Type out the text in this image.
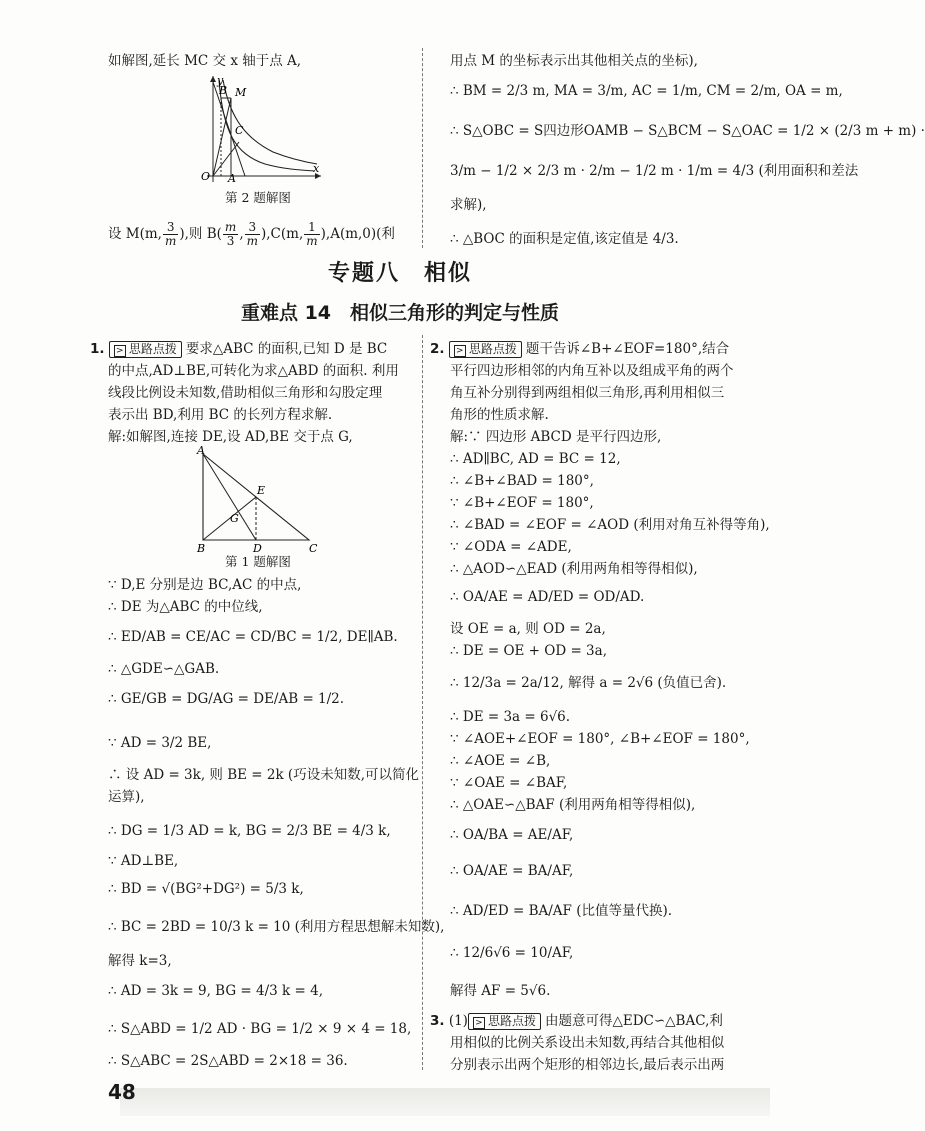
如解图,延长 MC 交 x 轴于点 A,
y
x
O A
B M
C
第 2 题解图
设 M(m, $\frac{3}{m}$ ),则 $B( \frac{m}{3}$ , $\frac{3}{m} ),C(m$, $\frac{1}{m} ),A(m,0)$(利
用点 M 的坐标表示出其他相关点的坐标),
∴ BM = 2/3 m, MA = 3/m, AC = 1/m, CM = 2/m, OA = m,
∴ S△OBC = S四边形OAMB − S△BCM − S△OAC = 1/2 × (2/3 m + m) ·
3/m − 1/2 × 2/3 m · 2/m − 1/2 m · 1/m = 4/3 (利用面积和差法
求解),
∴ △BOC 的面积是定值,该定值是 4/3.
专题八　相似
重难点 14　相似三角形的判定与性质
1. > 思路点拨 要求△ABC 的面积,已知 D 是 BC
的中点,AD⊥BE,可转化为求△ABD 的面积. 利用
线段比例设未知数,借助相似三角形和勾股定理
表示出 BD,利用 BC 的长列方程求解.
解:如解图,连接 DE,设 AD,BE 交于点 G,
A
B	C
D
E
G
第 1 题解图
∵ D,E 分别是边 BC,AC 的中点,
∴ DE 为△ABC 的中位线,
∴ ED/AB = CE/AC = CD/BC = 1/2, DE∥AB.
∴ △GDE∽△GAB.
∴ GE/GB = DG/AG = DE/AB = 1/2.
∵ AD = 3/2 BE,
∴ 设 AD = 3k, 则 BE = 2k (巧设未知数,可以简化
运算),
∴ DG = 1/3 AD = k, BG = 2/3 BE = 4/3 k,
∵ AD⊥BE,
∴ BD = √(BG²+DG²) = 5/3 k,
∴ BC = 2BD = 10/3 k = 10 (利用方程思想解未知数),
解得 k=3,
∴ AD = 3k = 9, BG = 4/3 k = 4,
∴ S△ABD = 1/2 AD · BG = 1/2 × 9 × 4 = 18,
∴ S△ABC = 2S△ABD = 2×18 = 36.
2. > 思路点拨 题干告诉∠B+∠EOF=180°,结合
平行四边形相邻的内角互补以及组成平角的两个
角互补分别得到两组相似三角形,再利用相似三
角形的性质求解.
解:∵ 四边形 ABCD 是平行四边形,
∴ AD∥BC, AD = BC = 12,
∴ ∠B+∠BAD = 180°,
∵ ∠B+∠EOF = 180°,
∴ ∠BAD = ∠EOF = ∠AOD (利用对角互补得等角),
∵ ∠ODA = ∠ADE,
∴ △AOD∽△EAD (利用两角相等得相似),
∴ OA/AE = AD/ED = OD/AD.
设 OE = a, 则 OD = 2a,
∴ DE = OE + OD = 3a,
∴ 12/3a = 2a/12, 解得 a = 2√6 (负值已舍).
∴ DE = 3a = 6√6.
∵ ∠AOE+∠EOF = 180°, ∠B+∠EOF = 180°,
∴ ∠AOE = ∠B,
∵ ∠OAE = ∠BAF,
∴ △OAE∽△BAF (利用两角相等得相似),
∴ OA/BA = AE/AF,
∴ OA/AE = BA/AF,
∴ AD/ED = BA/AF (比值等量代换).
∴ 12/6√6 = 10/AF,
解得 AF = 5√6.
3. (1) > 思路点拨 由题意可得△EDC∽△BAC,利
用相似的比例关系设出未知数,再结合其他相似
分别表示出两个矩形的相邻边长,最后表示出两
48
